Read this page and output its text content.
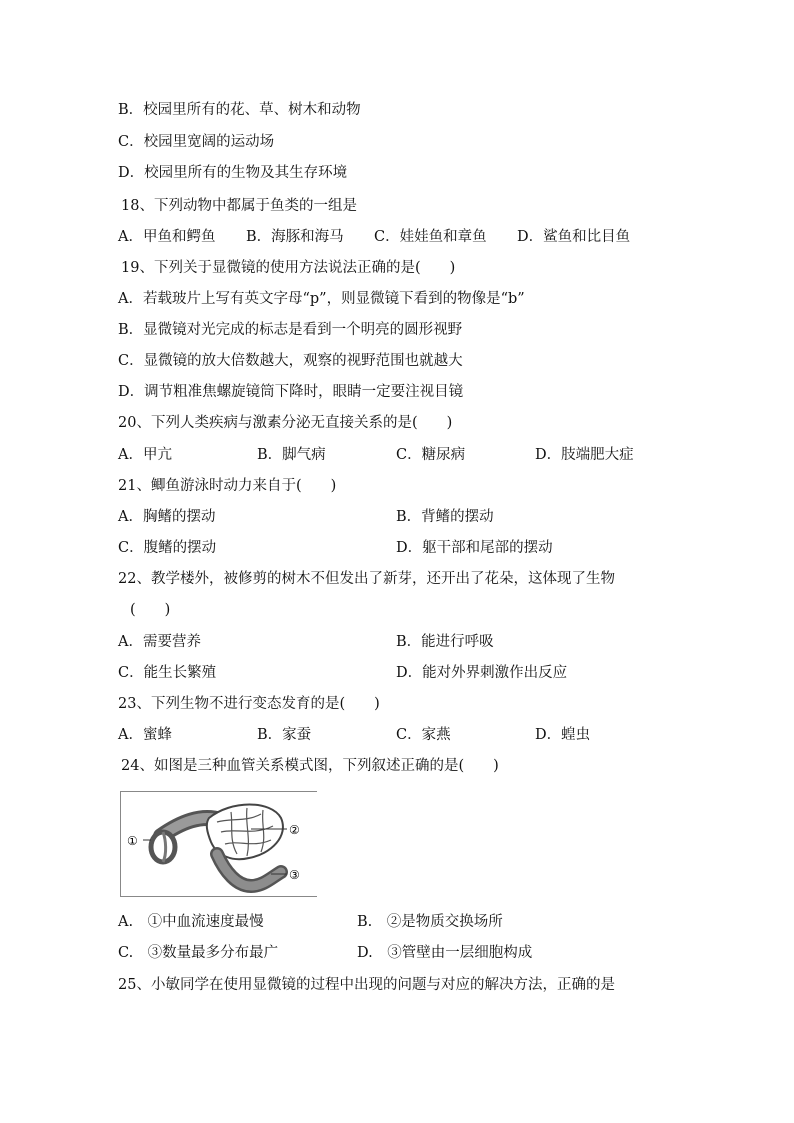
B．校园里所有的花、草、树木和动物
C．校园里宽阔的运动场
D．校园里所有的生物及其生存环境
18、下列动物中都属于鱼类的一组是
A．甲鱼和鳄鱼 B．海豚和海马 C．娃娃鱼和章鱼 D．鲨鱼和比目鱼
19、下列关于显微镜的使用方法说法正确的是(　　)
A．若载玻片上写有英文字母“p”，则显微镜下看到的物像是“b”
B．显微镜对光完成的标志是看到一个明亮的圆形视野
C．显微镜的放大倍数越大，观察的视野范围也就越大
D．调节粗准焦螺旋镜筒下降时，眼睛一定要注视目镜
20、下列人类疾病与激素分泌无直接关系的是(　　)
A．甲亢	B．脚气病	C．糖尿病	D．肢端肥大症
21、鲫鱼游泳时动力来自于(　　)
A．胸鳍的摆动	B．背鳍的摆动
C．腹鳍的摆动	D．躯干部和尾部的摆动
22、教学楼外，被修剪的树木不但发出了新芽，还开出了花朵，这体现了生物
(　　)
A．需要营养	B．能进行呼吸
C．能生长繁殖	D．能对外界刺激作出反应
23、下列生物不进行变态发育的是(　　)
A．蜜蜂	B．家蚕	C．家燕	D．蝗虫
24、如图是三种血管关系模式图，下列叙述正确的是(　　)
①
②
③
A.　①中血流速度最慢	B.　②是物质交换场所
C.　③数量最多分布最广	D.　③管壁由一层细胞构成
25、小敏同学在使用显微镜的过程中出现的问题与对应的解决方法，正确的是
